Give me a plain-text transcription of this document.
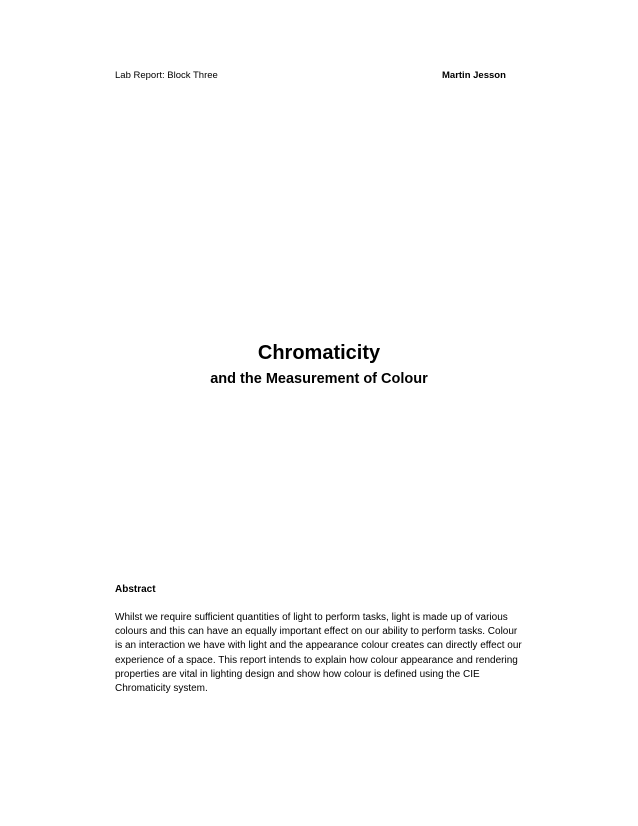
Lab Report: Block Three	Martin Jesson
Chromaticity
and the Measurement of Colour
Abstract

Whilst we require sufficient quantities of light to perform tasks, light is made up of various colours and this can have an equally important effect on our ability to perform tasks. Colour is an interaction we have with light and the appearance colour creates can directly effect our experience of a space. This report intends to explain how colour appearance and rendering properties are vital in lighting design and show how colour is defined using the CIE Chromaticity system.
